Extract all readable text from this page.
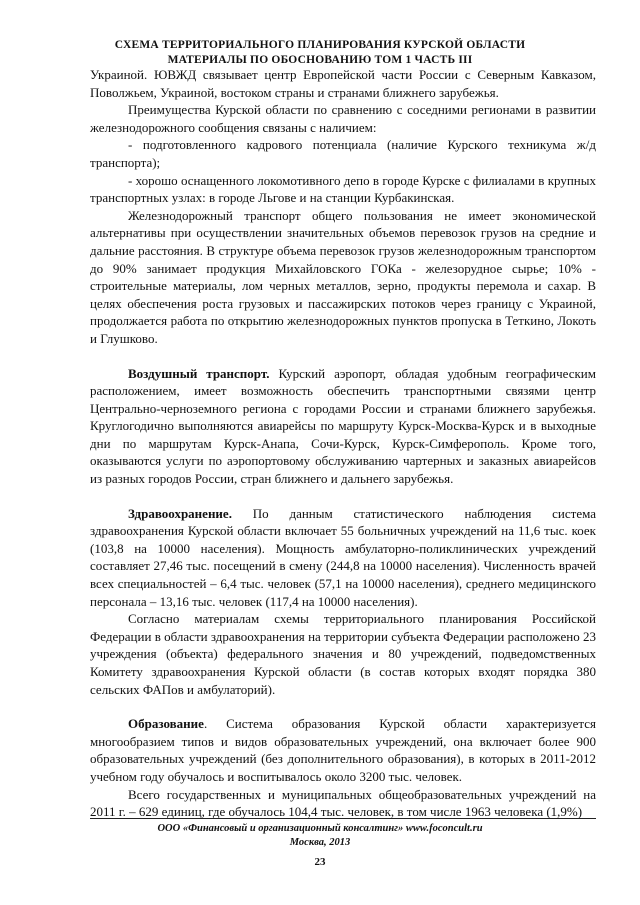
СХЕМА ТЕРРИТОРИАЛЬНОГО ПЛАНИРОВАНИЯ КУРСКОЙ ОБЛАСТИ
МАТЕРИАЛЫ ПО ОБОСНОВАНИЮ ТОМ 1 ЧАСТЬ III

Украиной. ЮВЖД связывает центр Европейской части России с Северным Кавказом, Поволжьем, Украиной, востоком страны и странами ближнего зарубежья.

Преимущества Курской области по сравнению с соседними регионами в развитии железнодорожного сообщения связаны с наличием:

- подготовленного кадрового потенциала (наличие Курского техникума ж/д транспорта);

- хорошо оснащенного локомотивного депо в городе Курске с филиалами в крупных транспортных узлах: в городе Льгове и на станции Курбакинская.

Железнодорожный транспорт общего пользования не имеет экономической альтернативы при осуществлении значительных объемов перевозок грузов на средние и дальние расстояния. В структуре объема перевозок грузов железнодорожным транспортом до 90% занимает продукция Михайловского ГОКа - железорудное сырье; 10% - строительные материалы, лом черных металлов, зерно, продукты перемола и сахар. В целях обеспечения роста грузовых и пассажирских потоков через границу с Украиной, продолжается работа по открытию железнодорожных пунктов пропуска в Теткино, Локоть и Глушково.

Воздушный транспорт. Курский аэропорт, обладая удобным географическим расположением, имеет возможность обеспечить транспортными связями центр Центрально-черноземного региона с городами России и странами ближнего зарубежья. Круглогодично выполняются авиарейсы по маршруту Курск-Москва-Курск и в выходные дни по маршрутам Курск-Анапа, Сочи-Курск, Курск-Симферополь. Кроме того, оказываются услуги по аэропортовому обслуживанию чартерных и заказных авиарейсов из разных городов России, стран ближнего и дальнего зарубежья.

Здравоохранение. По данным статистического наблюдения система здравоохранения Курской области включает 55 больничных учреждений на 11,6 тыс. коек (103,8 на 10000 населения). Мощность амбулаторно-поликлинических учреждений составляет 27,46 тыс. посещений в смену (244,8 на 10000 населения). Численность врачей всех специальностей – 6,4 тыс. человек (57,1 на 10000 населения), среднего медицинского персонала – 13,16 тыс. человек (117,4 на 10000 населения).

Согласно материалам схемы территориального планирования Российской Федерации в области здравоохранения на территории субъекта Федерации расположено 23 учреждения (объекта) федерального значения и 80 учреждений, подведомственных Комитету здравоохранения Курской области (в состав которых входят порядка 380 сельских ФАПов и амбулаторий).

Образование. Система образования Курской области характеризуется многообразием типов и видов образовательных учреждений, она включает более 900 образовательных учреждений (без дополнительного образования), в которых в 2011-2012 учебном году обучалось и воспитывалось около 3200 тыс. человек.

Всего государственных и муниципальных общеобразовательных учреждений на 2011 г. – 629 единиц, где обучалось 104,4 тыс. человек, в том числе 1963 человека (1,9%)

ООО «Финансовый и организационный консалтинг» www.foconcult.ru
Москва, 2013
23
